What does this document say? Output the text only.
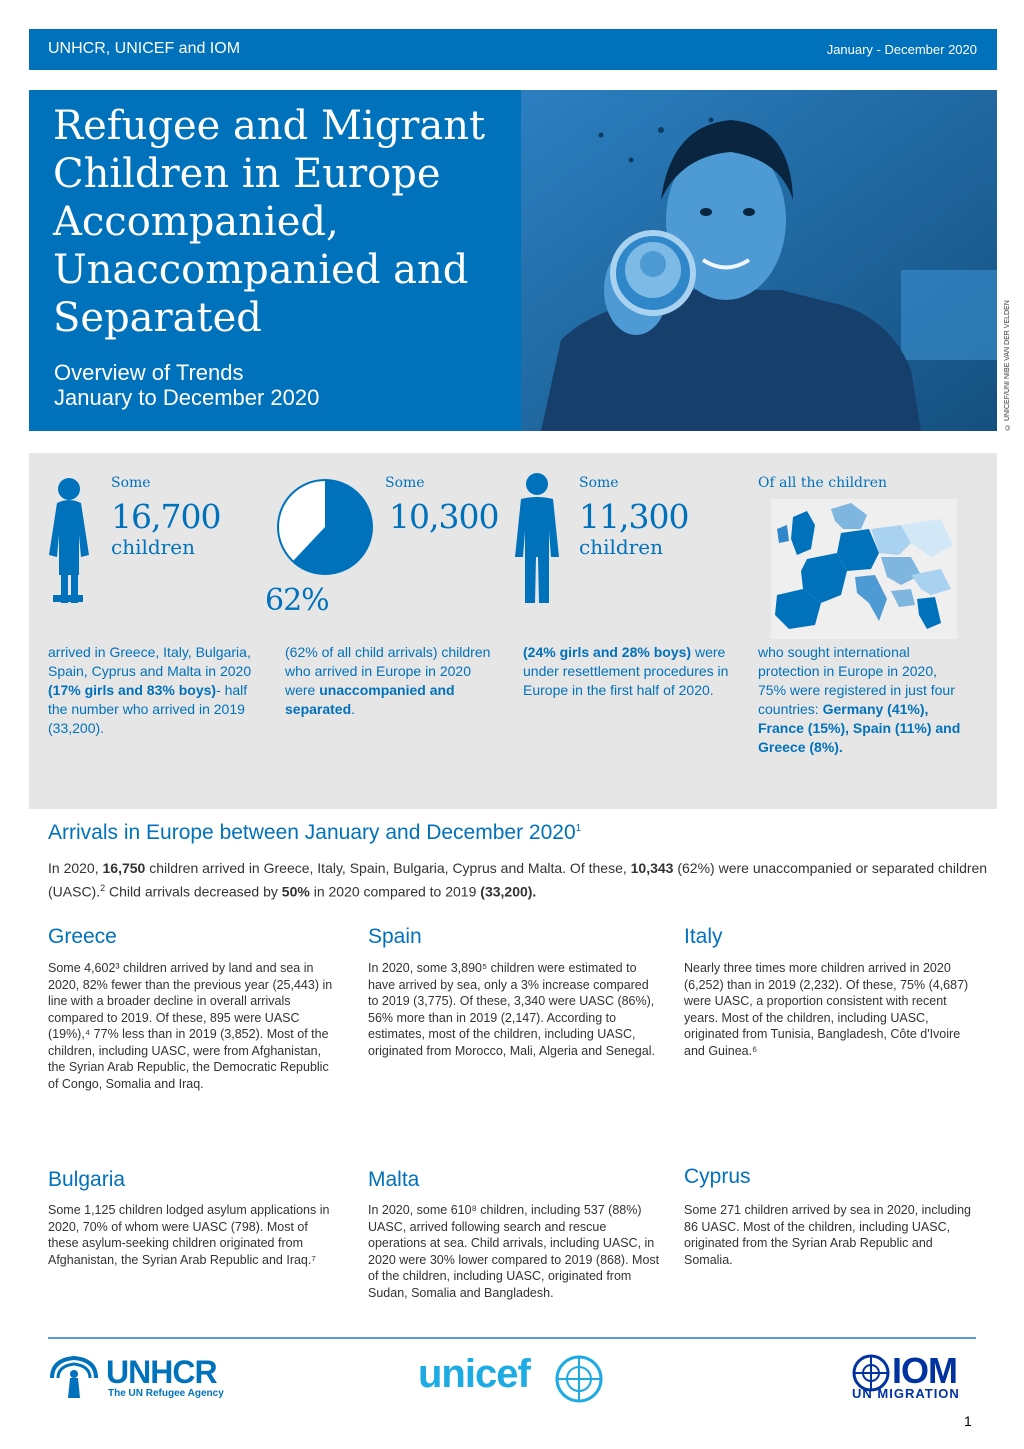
UNHCR, UNICEF and IOM	January - December 2020
Refugee and Migrant
Children in Europe
Accompanied,
Unaccompanied and
Separated
Overview of Trends
January to December 2020	© UNICEF/UNI NIBE VAN DER VELDEN
Some
16,700
children
arrived in Greece, Italy, Bulgaria, Spain, Cyprus and Malta in 2020 (17% girls and 83% boys)- half the number who arrived in 2019 (33,200).
62%
Some
10,300
(62% of all child arrivals) children who arrived in Europe in 2020 were unaccompanied and separated.
Some
11,300
children
(24% girls and 28% boys) were under resettlement procedures in Europe in the first half of 2020.
Of all the children
who sought international protection in Europe in 2020, 75% were registered in just four countries: Germany (41%), France (15%), Spain (11%) and Greece (8%).
Arrivals in Europe between January and December 2020$^1$
In 2020, 16,750 children arrived in Greece, Italy, Spain, Bulgaria, Cyprus and Malta. Of these, 10,343 (62%) were unaccompanied or separated children (UASC).$^2$ Child arrivals decreased by 50% in 2020 compared to 2019 (33,200).
Greece
Some 4,602³ children arrived by land and sea in 2020, 82% fewer than the previous year (25,443) in line with a broader decline in overall arrivals compared to 2019. Of these, 895 were UASC (19%),⁴ 77% less than in 2019 (3,852). Most of the children, including UASC, were from Afghanistan, the Syrian Arab Republic, the Democratic Republic of Congo, Somalia and Iraq.
Spain
In 2020, some 3,890⁵ children were estimated to have arrived by sea, only a 3% increase compared to 2019 (3,775). Of these, 3,340 were UASC (86%), 56% more than in 2019 (2,147). According to estimates, most of the children, including UASC, originated from Morocco, Mali, Algeria and Senegal.
Italy
Nearly three times more children arrived in 2020 (6,252) than in 2019 (2,232). Of these, 75% (4,687) were UASC, a proportion consistent with recent years. Most of the children, including UASC, originated from Tunisia, Bangladesh, Côte d'Ivoire and Guinea.⁶
Bulgaria
Some 1,125 children lodged asylum applications in 2020, 70% of whom were UASC (798). Most of these asylum-seeking children originated from Afghanistan, the Syrian Arab Republic and Iraq.⁷
Malta
In 2020, some 610⁸ children, including 537 (88%) UASC, arrived following search and rescue operations at sea. Child arrivals, including UASC, in 2020 were 30% lower compared to 2019 (868). Most of the children, including UASC, originated from Sudan, Somalia and Bangladesh.
Cyprus
Some 271 children arrived by sea in 2020, including 86 UASC. Most of the children, including UASC, originated from the Syrian Arab Republic and Somalia.
UNHCR
The UN Refugee Agency	unicef	IOM
UN MIGRATION
1
